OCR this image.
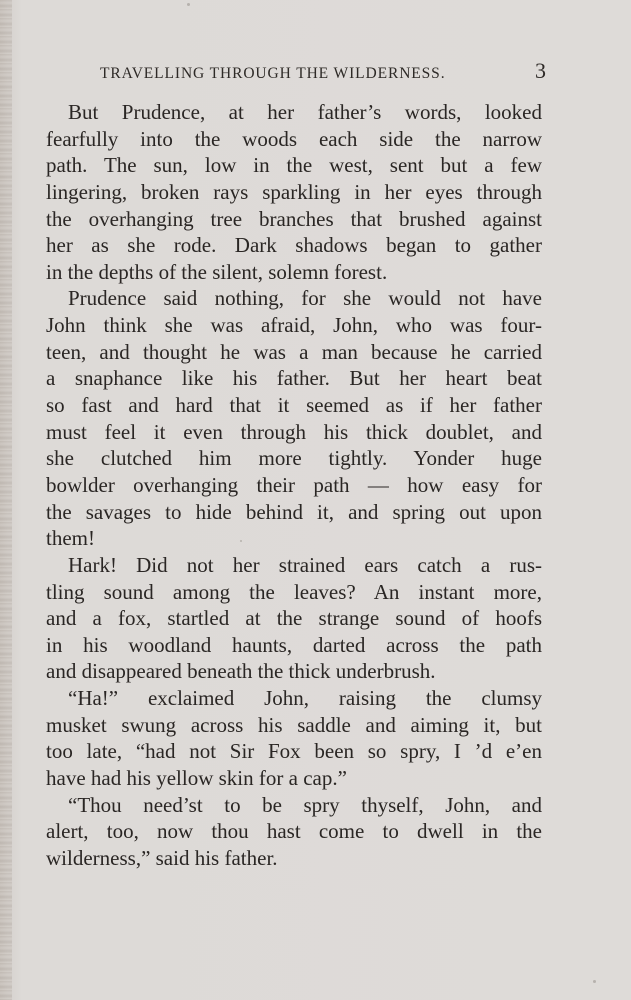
TRAVELLING THROUGH THE WILDERNESS.	3
But Prudence, at her father’s words, looked
fearfully into the woods each side the narrow
path. The sun, low in the west, sent but a few
lingering, broken rays sparkling in her eyes through
the overhanging tree branches that brushed against
her as she rode. Dark shadows began to gather
in the depths of the silent, solemn forest.
Prudence said nothing, for she would not have
John think she was afraid, John, who was four-
teen, and thought he was a man because he carried
a snaphance like his father. But her heart beat
so fast and hard that it seemed as if her father
must feel it even through his thick doublet, and
she clutched him more tightly. Yonder huge
bowlder overhanging their path — how easy for
the savages to hide behind it, and spring out upon
them!
Hark! Did not her strained ears catch a rus-
tling sound among the leaves? An instant more,
and a fox, startled at the strange sound of hoofs
in his woodland haunts, darted across the path
and disappeared beneath the thick underbrush.
“Ha!” exclaimed John, raising the clumsy
musket swung across his saddle and aiming it, but
too late, “had not Sir Fox been so spry, I ’d e’en
have had his yellow skin for a cap.”
“Thou need’st to be spry thyself, John, and
alert, too, now thou hast come to dwell in the
wilderness,” said his father.
